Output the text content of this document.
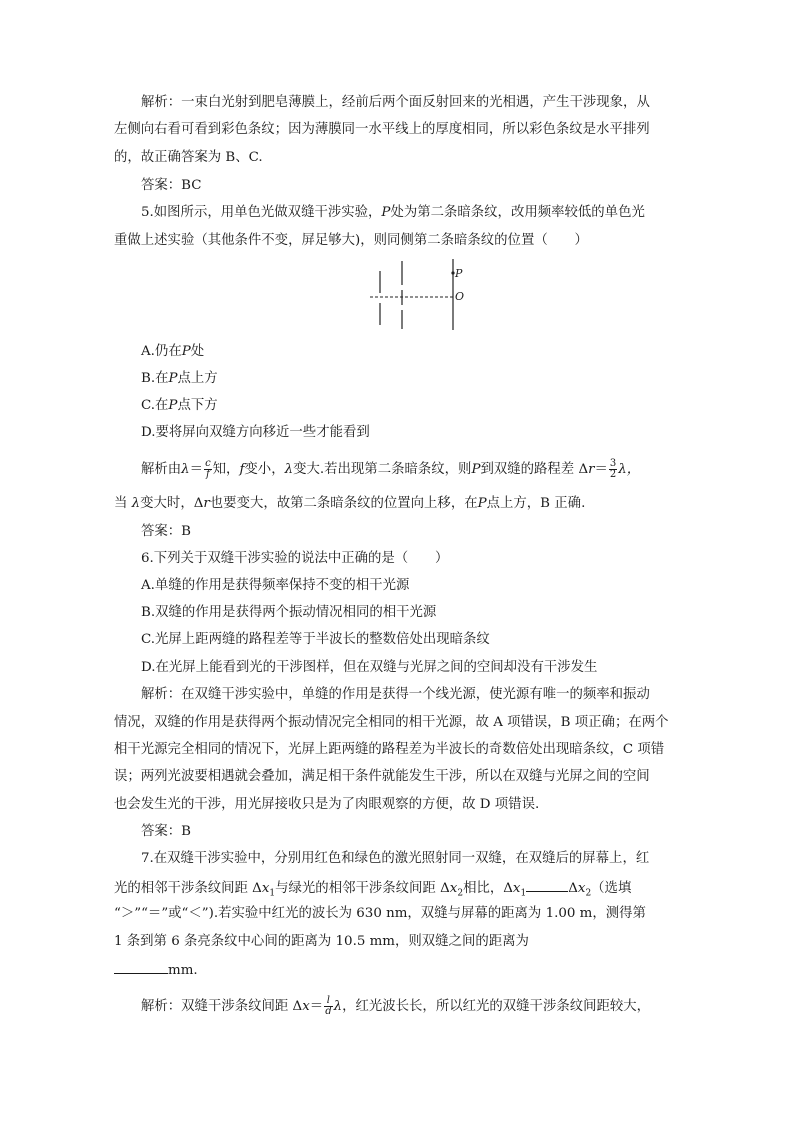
解析：一束白光射到肥皂薄膜上，经前后两个面反射回来的光相遇，产生干涉现象，从
左侧向右看可看到彩色条纹；因为薄膜同一水平线上的厚度相同，所以彩色条纹是水平排列
的，故正确答案为 B、C.
答案：BC
5.如图所示，用单色光做双缝干涉实验，P处为第二条暗条纹，改用频率较低的单色光
重做上述实验（其他条件不变，屏足够大)，则同侧第二条暗条纹的位置（　　）
P
O
A.仍在P处
B.在P点上方
C.在P点下方
D.要将屏向双缝方向移近一些才能看到
解析由$\lambda= \frac{c}{f}$ 知，f变小，λ变大.若出现第二条暗条纹，则P到双缝的路程差 $\Delta r= \frac{3}{2}$ λ，
当 λ变大时，Δr也要变大，故第二条暗条纹的位置向上移，在P点上方，B 正确.
答案：B
6.下列关于双缝干涉实验的说法中正确的是（　　）
A.单缝的作用是获得频率保持不变的相干光源
B.双缝的作用是获得两个振动情况相同的相干光源
C.光屏上距两缝的路程差等于半波长的整数倍处出现暗条纹
D.在光屏上能看到光的干涉图样，但在双缝与光屏之间的空间却没有干涉发生
解析：在双缝干涉实验中，单缝的作用是获得一个线光源，使光源有唯一的频率和振动
情况，双缝的作用是获得两个振动情况完全相同的相干光源，故 A 项错误，B 项正确；在两个
相干光源完全相同的情况下，光屏上距两缝的路程差为半波长的奇数倍处出现暗条纹，C 项错
误；两列光波要相遇就会叠加，满足相干条件就能发生干涉，所以在双缝与光屏之间的空间
也会发生光的干涉，用光屏接收只是为了肉眼观察的方便，故 D 项错误.
答案：B
7.在双缝干涉实验中，分别用红色和绿色的激光照射同一双缝，在双缝后的屏幕上，红
光的相邻干涉条纹间距 $\Delta x_1$与绿光的相邻干涉条纹间距 $\Delta x_2$相比，$\Delta x_1$	$\Delta x_2$（选填
“＞”“＝”或“＜”).若实验中红光的波长为 630 nm，双缝与屏幕的距离为 1.00 m，测得第
1 条到第 6 条亮条纹中心间的距离为 10.5 mm，则双缝之间的距离为
mm.
解析：双缝干涉条纹间距 $\Delta x= \frac{l}{d}$ λ，红光波长长，所以红光的双缝干涉条纹间距较大，
